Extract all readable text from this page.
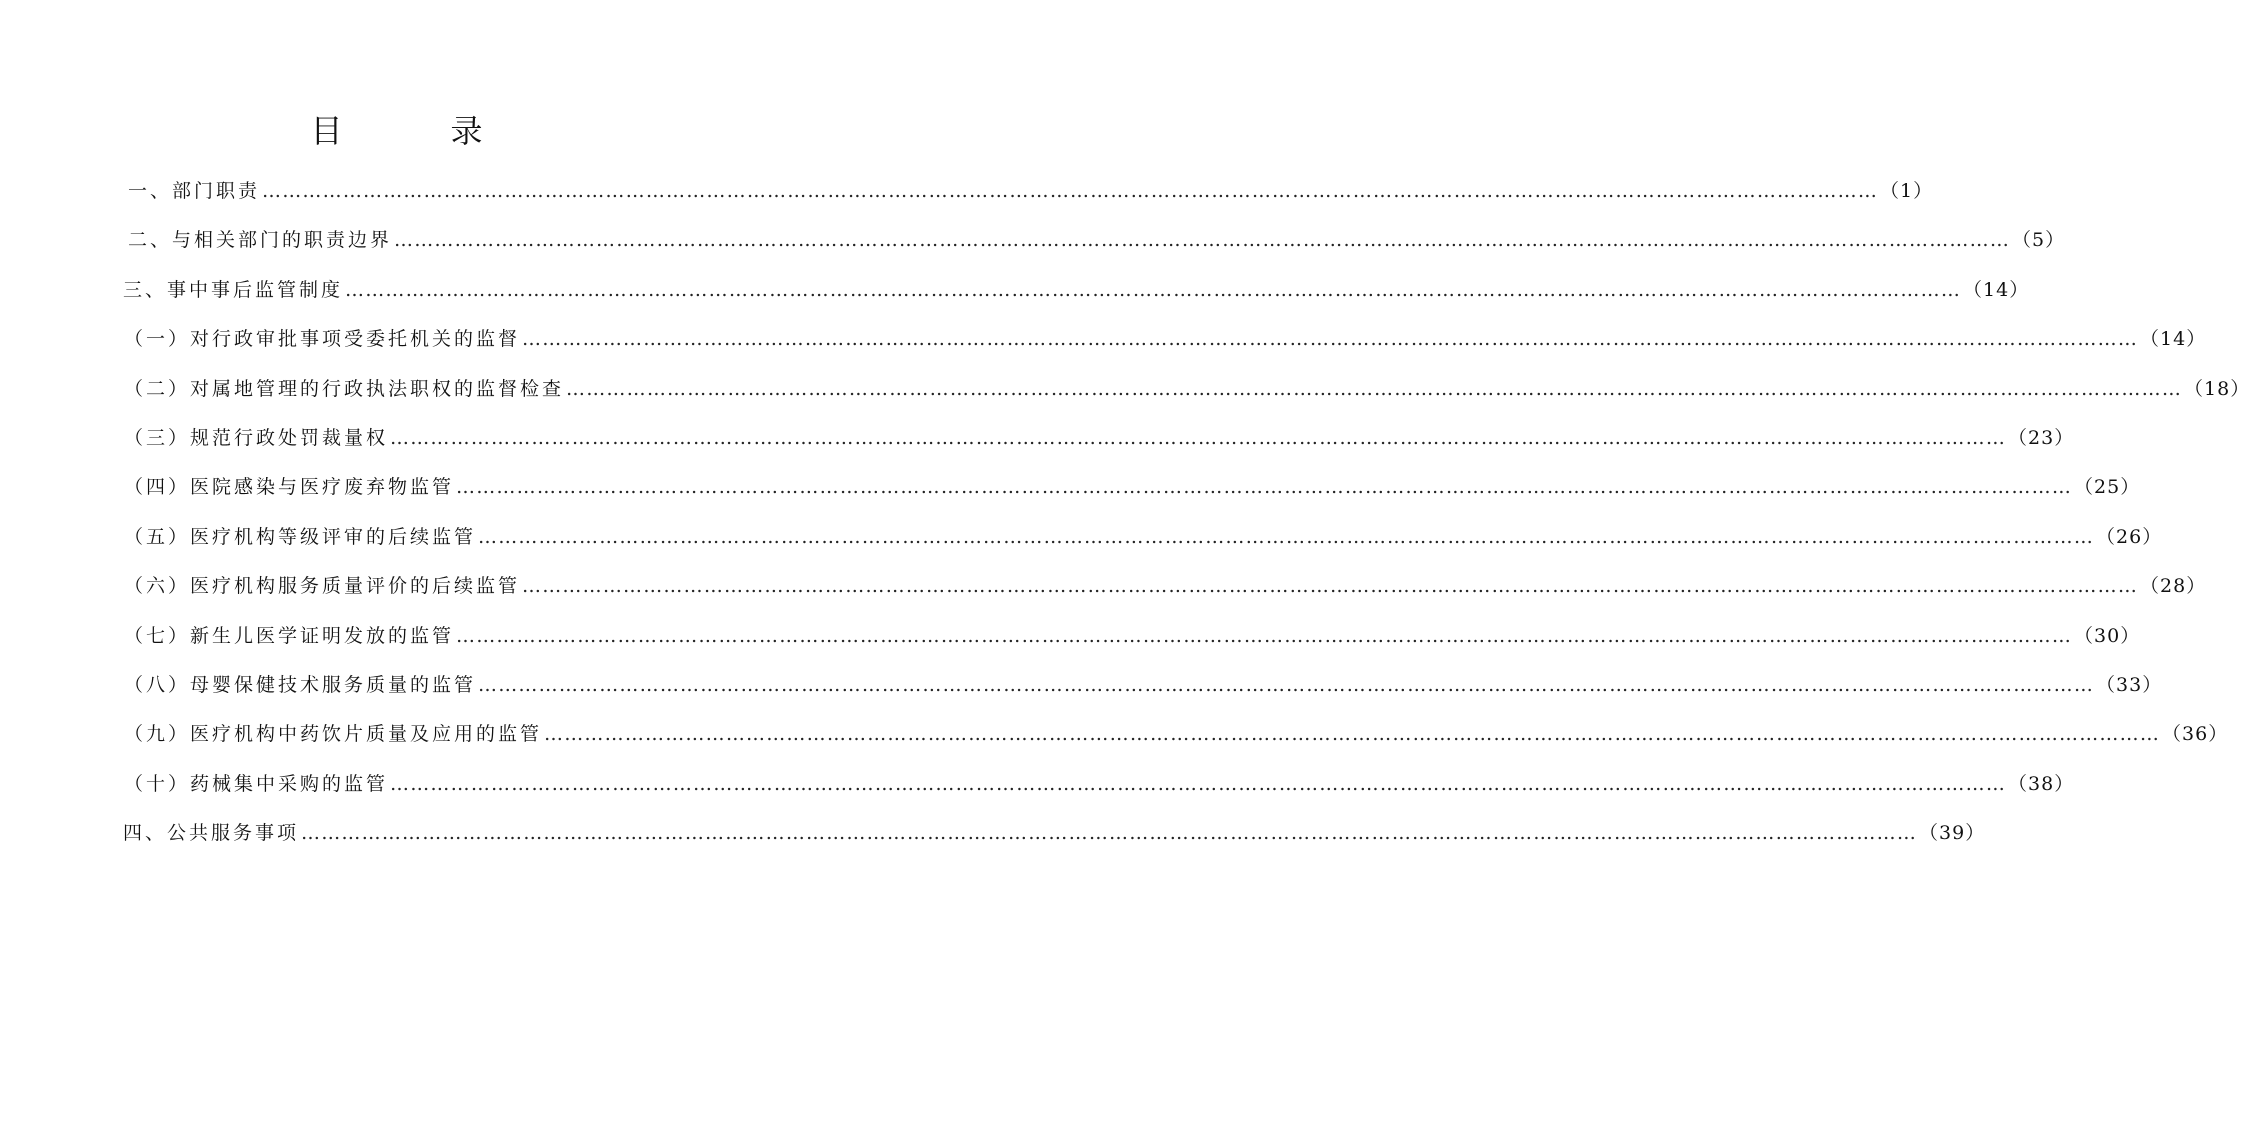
目　录
一、部门职责 …………………………………………………………………………………………………………………………………………………………………………………………………………………… （1）
二、与相关部门的职责边界 …………………………………………………………………………………………………………………………………………………………………………………………………………………… （5）
三、事中事后监管制度 …………………………………………………………………………………………………………………………………………………………………………………………………………………… （14）
（一）对行政审批事项受委托机关的监督 …………………………………………………………………………………………………………………………………………………………………………………………………………………… （14）
（二）对属地管理的行政执法职权的监督检查 …………………………………………………………………………………………………………………………………………………………………………………………………………………… （18）
（三）规范行政处罚裁量权 …………………………………………………………………………………………………………………………………………………………………………………………………………………… （23）
（四）医院感染与医疗废弃物监管 …………………………………………………………………………………………………………………………………………………………………………………………………………………… （25）
（五）医疗机构等级评审的后续监管 …………………………………………………………………………………………………………………………………………………………………………………………………………………… （26）
（六）医疗机构服务质量评价的后续监管 …………………………………………………………………………………………………………………………………………………………………………………………………………………… （28）
（七）新生儿医学证明发放的监管 …………………………………………………………………………………………………………………………………………………………………………………………………………………… （30）
（八）母婴保健技术服务质量的监管 …………………………………………………………………………………………………………………………………………………………………………………………………………………… （33）
（九）医疗机构中药饮片质量及应用的监管 …………………………………………………………………………………………………………………………………………………………………………………………………………………… （36）
（十）药械集中采购的监管 …………………………………………………………………………………………………………………………………………………………………………………………………………………… （38）
四、公共服务事项 …………………………………………………………………………………………………………………………………………………………………………………………………………………… （39）
